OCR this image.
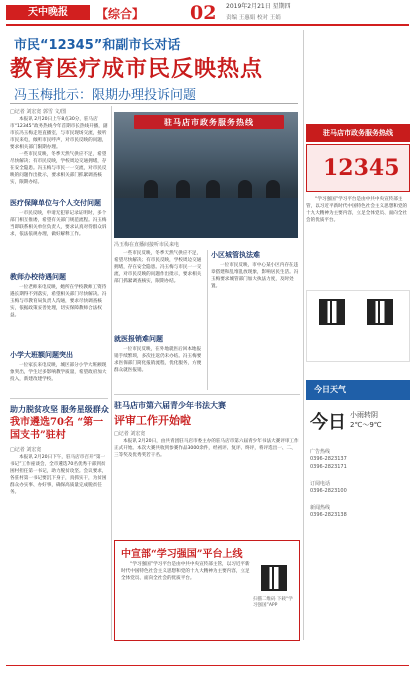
天中晚报	【综合】 02 2019年2月21日 星期四
责编 王惠娟 校对 王娟
市民“12345”和副市长对话
教育医疗成市民反映热点
冯玉梅批示：限期办理投诉问题
□记者 刘宏宽 郭雪 文/图

本报讯 2月20日上午8点30分，驻马店市“12345”政务热线今年首期市长热线开播，副市长冯玉梅走进直播室，与市民现场交流，接听市民来电，倾听市民呼声，对市民反映的问题，要求相关部门限期办理。

一些市民反映，冬季天然气供应不足，希望尽快解决；有市民反映，学校周边交通拥堵，存在安全隐患。冯玉梅与市民一一交流，对市民反映的问题作出批示，要求相关部门抓紧调查核实，限期办结。

医疗保障单位与个人交付问题

一市民反映，申请无犯罪记录证明时，多个部门相互推诿，希望有关部门规范流程。冯玉梅当即联系相关单位负责人，要求认真对待群众诉求，依法依规办理，做好解释工作。

教师办校待遇问题

一位老师来电反映，她所在学校教师工资待遇长期得不到落实，希望相关部门尽快解决。冯玉梅与市教育局负责人沟通，要求尽快调查核实，依据政策妥善处理，切实保障教师合法权益。

小学大班额问题突出

一位家长来电反映，城区部分小学大班额现象突出，学生过多影响教学质量，希望政府加大投入，新建改建学校。

助力脱贫攻坚 服务星级群众
我市遴选70名 “第一国支书”驻村
□记者 刘宏宽

本报讯 2月20日下午，驻马店市召开“第一书记”工作座谈会，全市遴选70名优秀干部到贫困村担任第一书记，助力脱贫攻坚。会议要求，各驻村第一书记要沉下身子，真抓实干，为贫困群众办实事、办好事，确保高质量完成脱贫任务。

驻马店市政务服务热线
冯玉梅在直播间接听市民来电

一些市民反映，冬季天然气供应不足，希望尽快解决；有市民反映，学校周边交通拥堵，存在安全隐患。冯玉梅与市民一一交流，对市民反映的问题作出批示，要求相关部门抓紧调查核实，限期办结。

就医报销难问题

一位市民反映，在外地就医后回本地报销手续繁琐，多次往返仍未办结。冯玉梅要求医保部门简化报销流程，优化服务，方便群众就医报销。

小区城管执法难

一位市民反映，市中心某小区内存在违章搭建和乱堆乱放现象，影响居民生活。冯玉梅要求城管部门加大执法力度，及时处置。

驻马店市第六届青少年书法大赛
评审工作开始啦
□记者 刘宏宽

本报讯 2月20日，由共青团驻马店市委主办的驻马店市第六届青少年书法大赛评审工作正式开始。本次大赛共收到参赛作品3000余件，经初评、复评、终评，将评选出一、二、三等奖及优秀奖若干名。

中宣部“学习强国”平台上线

“学习强国”学习平台是由中共中央宣传部主管，以习近平新时代中国特色社会主义思想和党的十九大精神为主要内容，立足全体党员、面向全社会的优质平台。

扫描二维码 下载“学习强国”APP
驻马店市政务服务热线
12345

“学习强国”学习平台是由中共中央宣传部主管，以习近平新时代中国特色社会主义思想和党的十九大精神为主要内容，立足全体党员、面向全社会的优质平台。

今日天气
今日 小雨转阴
2℃～9℃
广告热线
0396-2823137
0396-2823171
订阅电话
0396-2823100
新闻热线
0396-2823138
